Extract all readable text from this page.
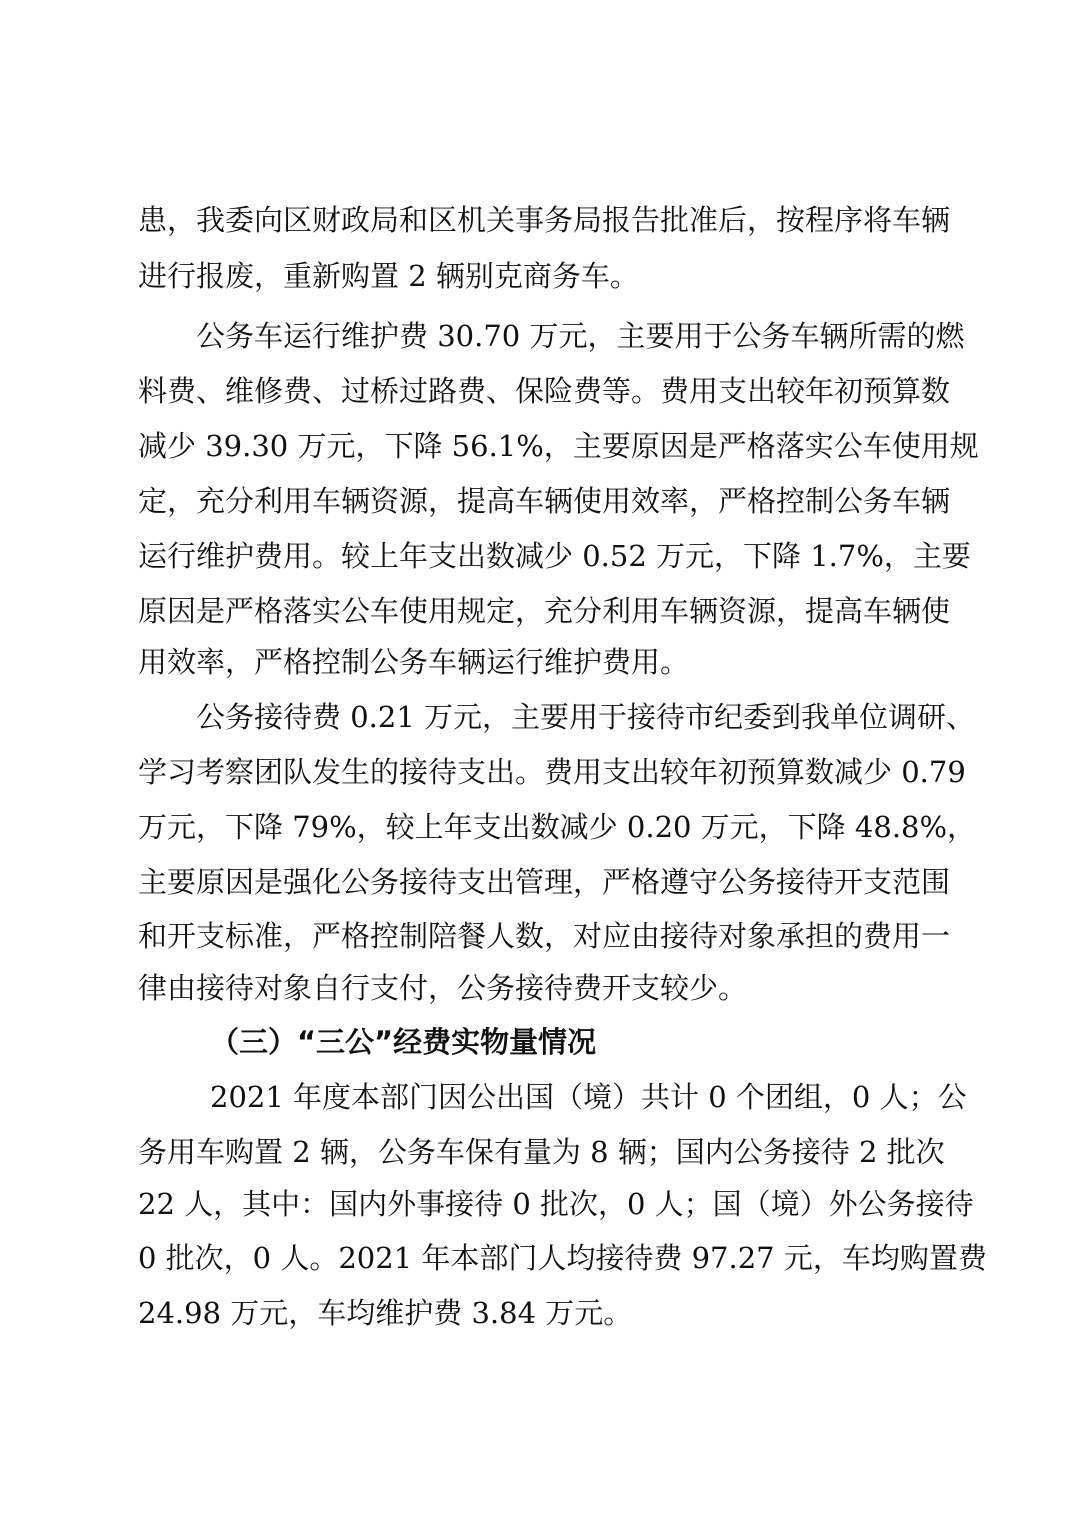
患，我委向区财政局和区机关事务局报告批准后，按程序将车辆
进行报废，重新购置 2 辆别克商务车。
公务车运行维护费 30.70 万元，主要用于公务车辆所需的燃
料费、维修费、过桥过路费、保险费等。费用支出较年初预算数
减少 39.30 万元，下降 56.1%，主要原因是严格落实公车使用规
定，充分利用车辆资源，提高车辆使用效率，严格控制公务车辆
运行维护费用。较上年支出数减少 0.52 万元，下降 1.7%，主要
原因是严格落实公车使用规定，充分利用车辆资源，提高车辆使
用效率，严格控制公务车辆运行维护费用。
公务接待费 0.21 万元，主要用于接待市纪委到我单位调研、
学习考察团队发生的接待支出。费用支出较年初预算数减少 0.79
万元，下降 79%，较上年支出数减少 0.20 万元，下降 48.8%，
主要原因是强化公务接待支出管理，严格遵守公务接待开支范围
和开支标准，严格控制陪餐人数，对应由接待对象承担的费用一
律由接待对象自行支付，公务接待费开支较少。
（三）“三公”经费实物量情况
2021 年度本部门因公出国（境）共计 0 个团组，0 人；公
务用车购置 2 辆，公务车保有量为 8 辆；国内公务接待 2 批次
22 人，其中：国内外事接待 0 批次，0 人；国（境）外公务接待
0 批次，0 人。2021 年本部门人均接待费 97.27 元，车均购置费
24.98 万元，车均维护费 3.84 万元。
